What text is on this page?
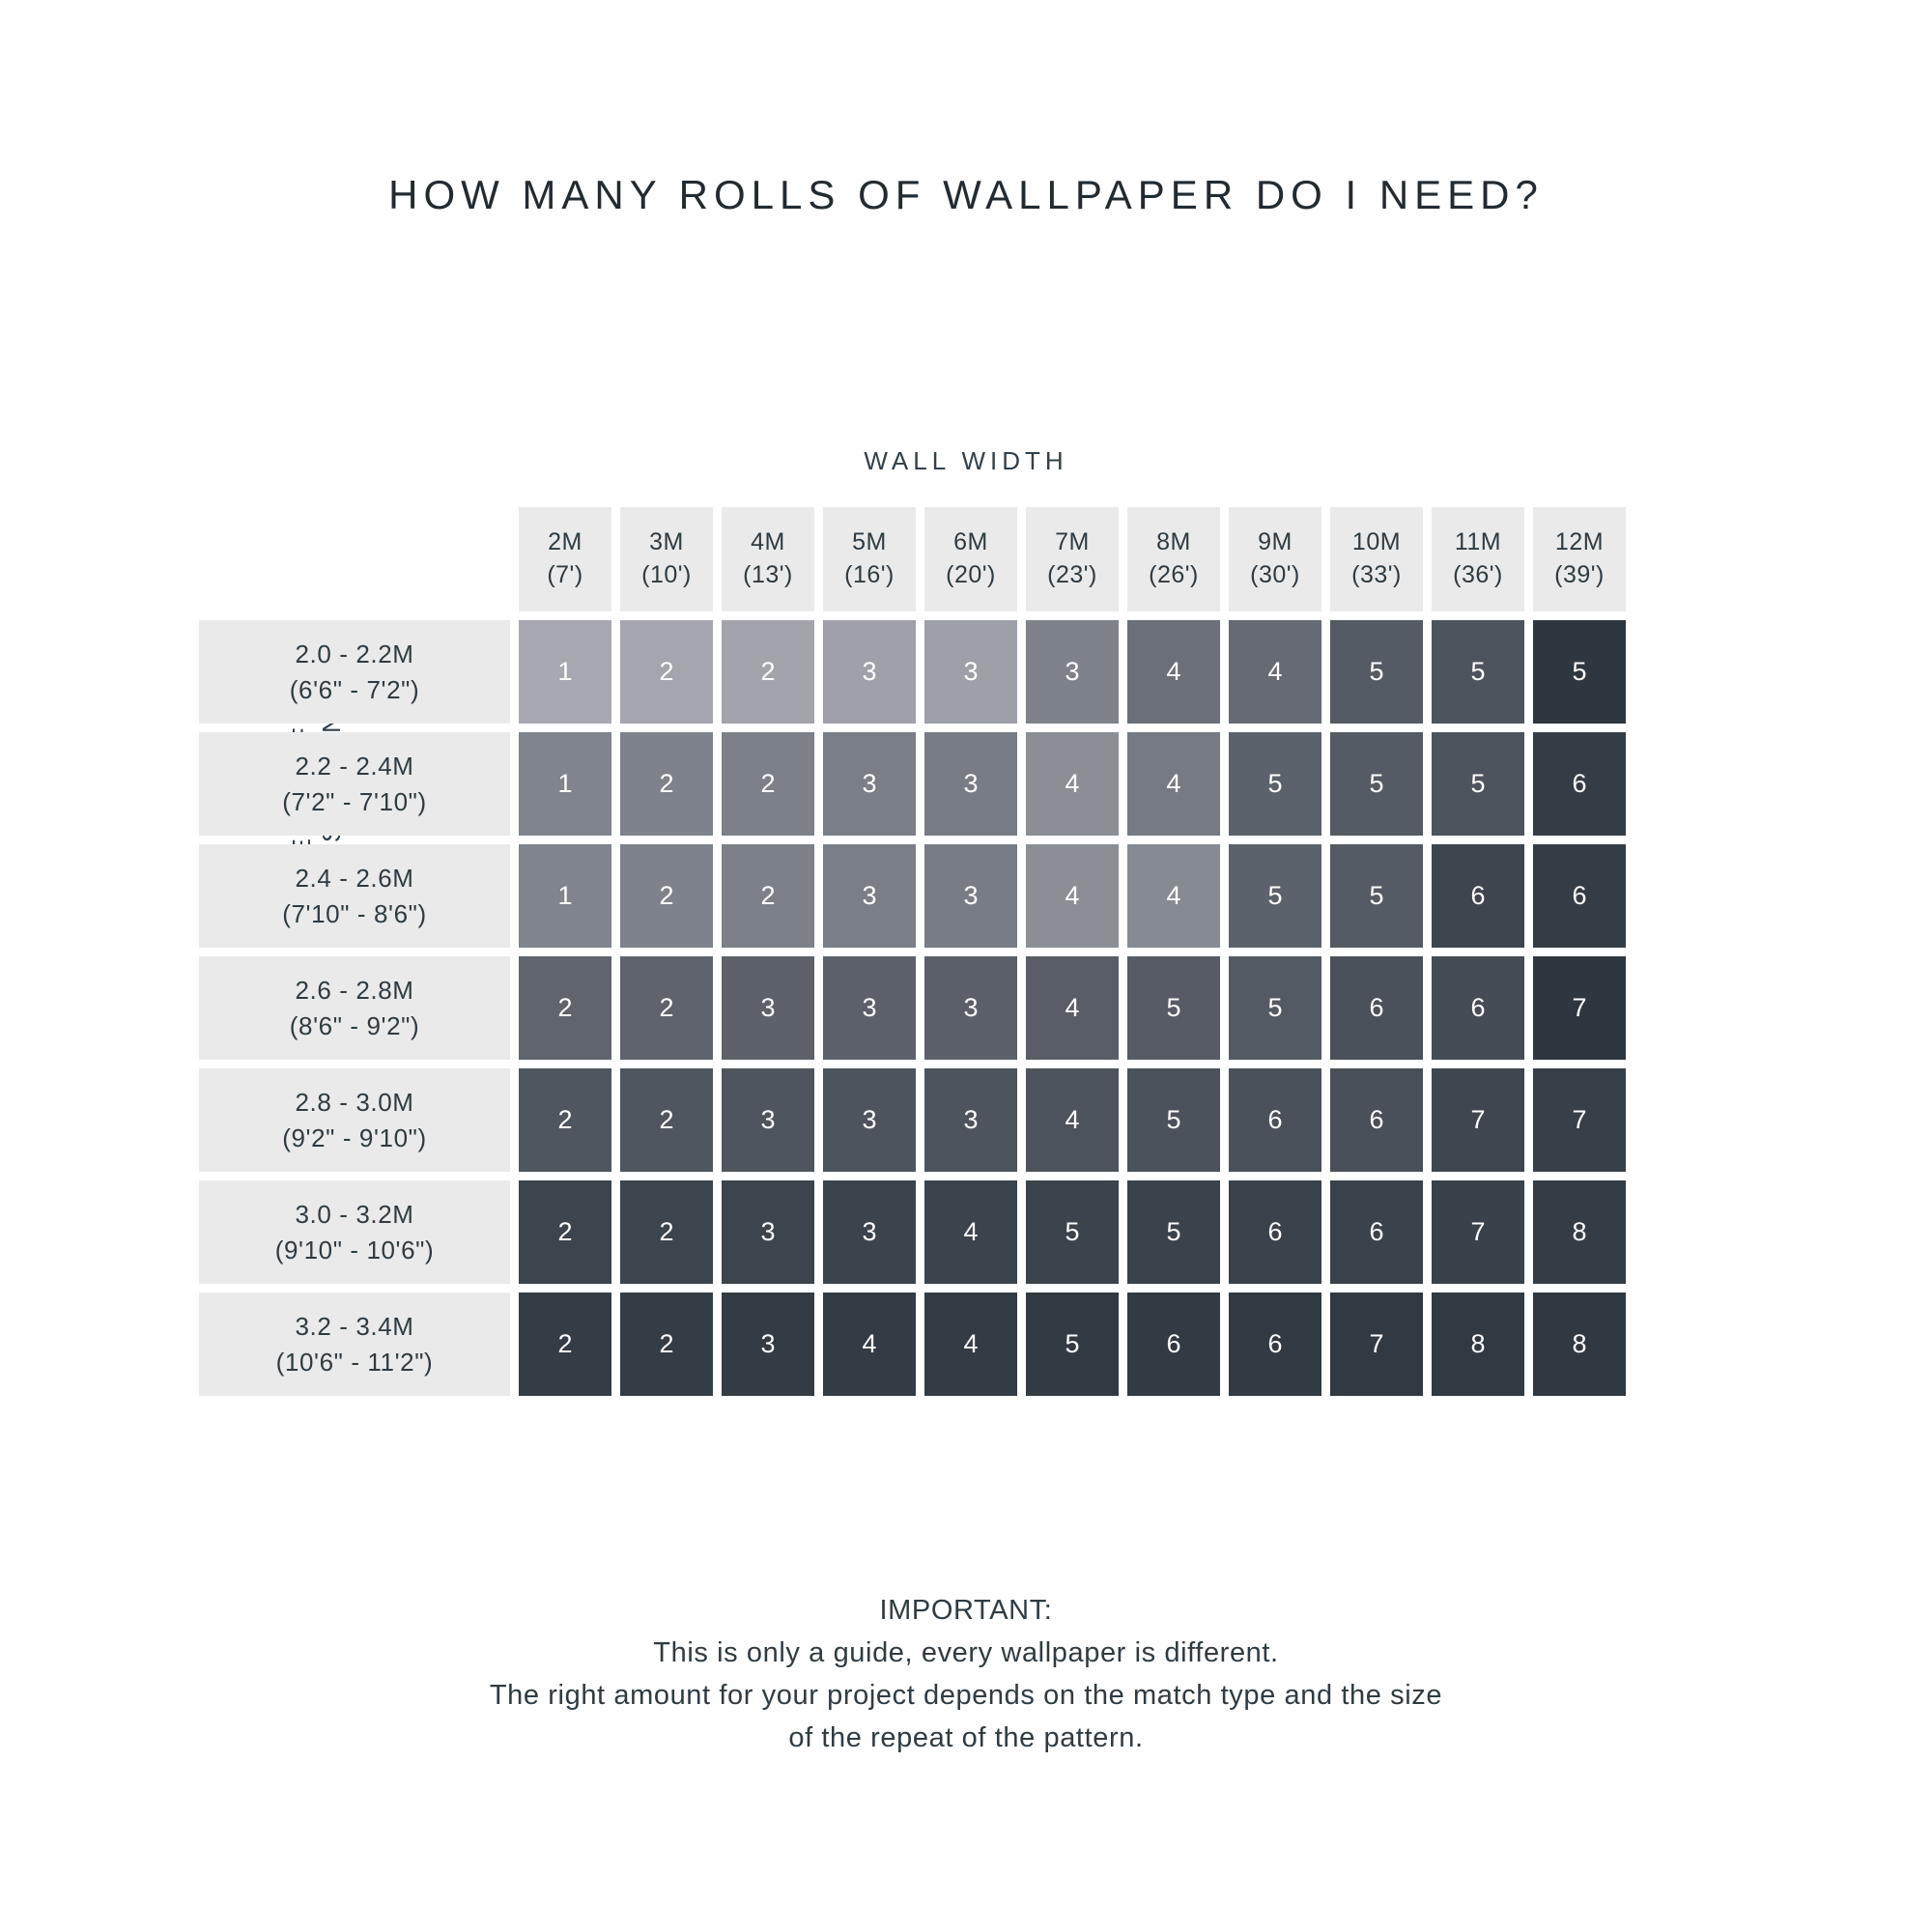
HOW MANY ROLLS OF WALLPAPER DO I NEED?
WALL WIDTH

	2M
(7')	3M
(10')	4M
(13')	5M
(16')	6M
(20')	7M
(23')	8M
(26')	9M
(30')	10M
(33')	11M
(36')	12M
(39')

2.0 - 2.2M
(6'6" - 7'2")	1	2	2	3	3	3	4	4	5	5	5

2.2 - 2.4M
(7'2" - 7'10")	1	2	2	3	3	4	4	5	5	5	6

2.4 - 2.6M
(7'10" - 8'6")	1	2	2	3	3	4	4	5	5	6	6

2.6 - 2.8M
(8'6" - 9'2")	2	2	3	3	3	4	5	5	6	6	7

2.8 - 3.0M
(9'2" - 9'10")	2	2	3	3	3	4	5	6	6	7	7

3.0 - 3.2M
(9'10" - 10'6")	2	2	3	3	4	5	5	6	6	7	8

3.2 - 3.4M
(10'6" - 11'2")	2	2	3	4	4	5	6	6	7	8	8
IMPORTANT:
This is only a guide, every wallpaper is different.
The right amount for your project depends on the match type and the size
of the repeat of the pattern.
